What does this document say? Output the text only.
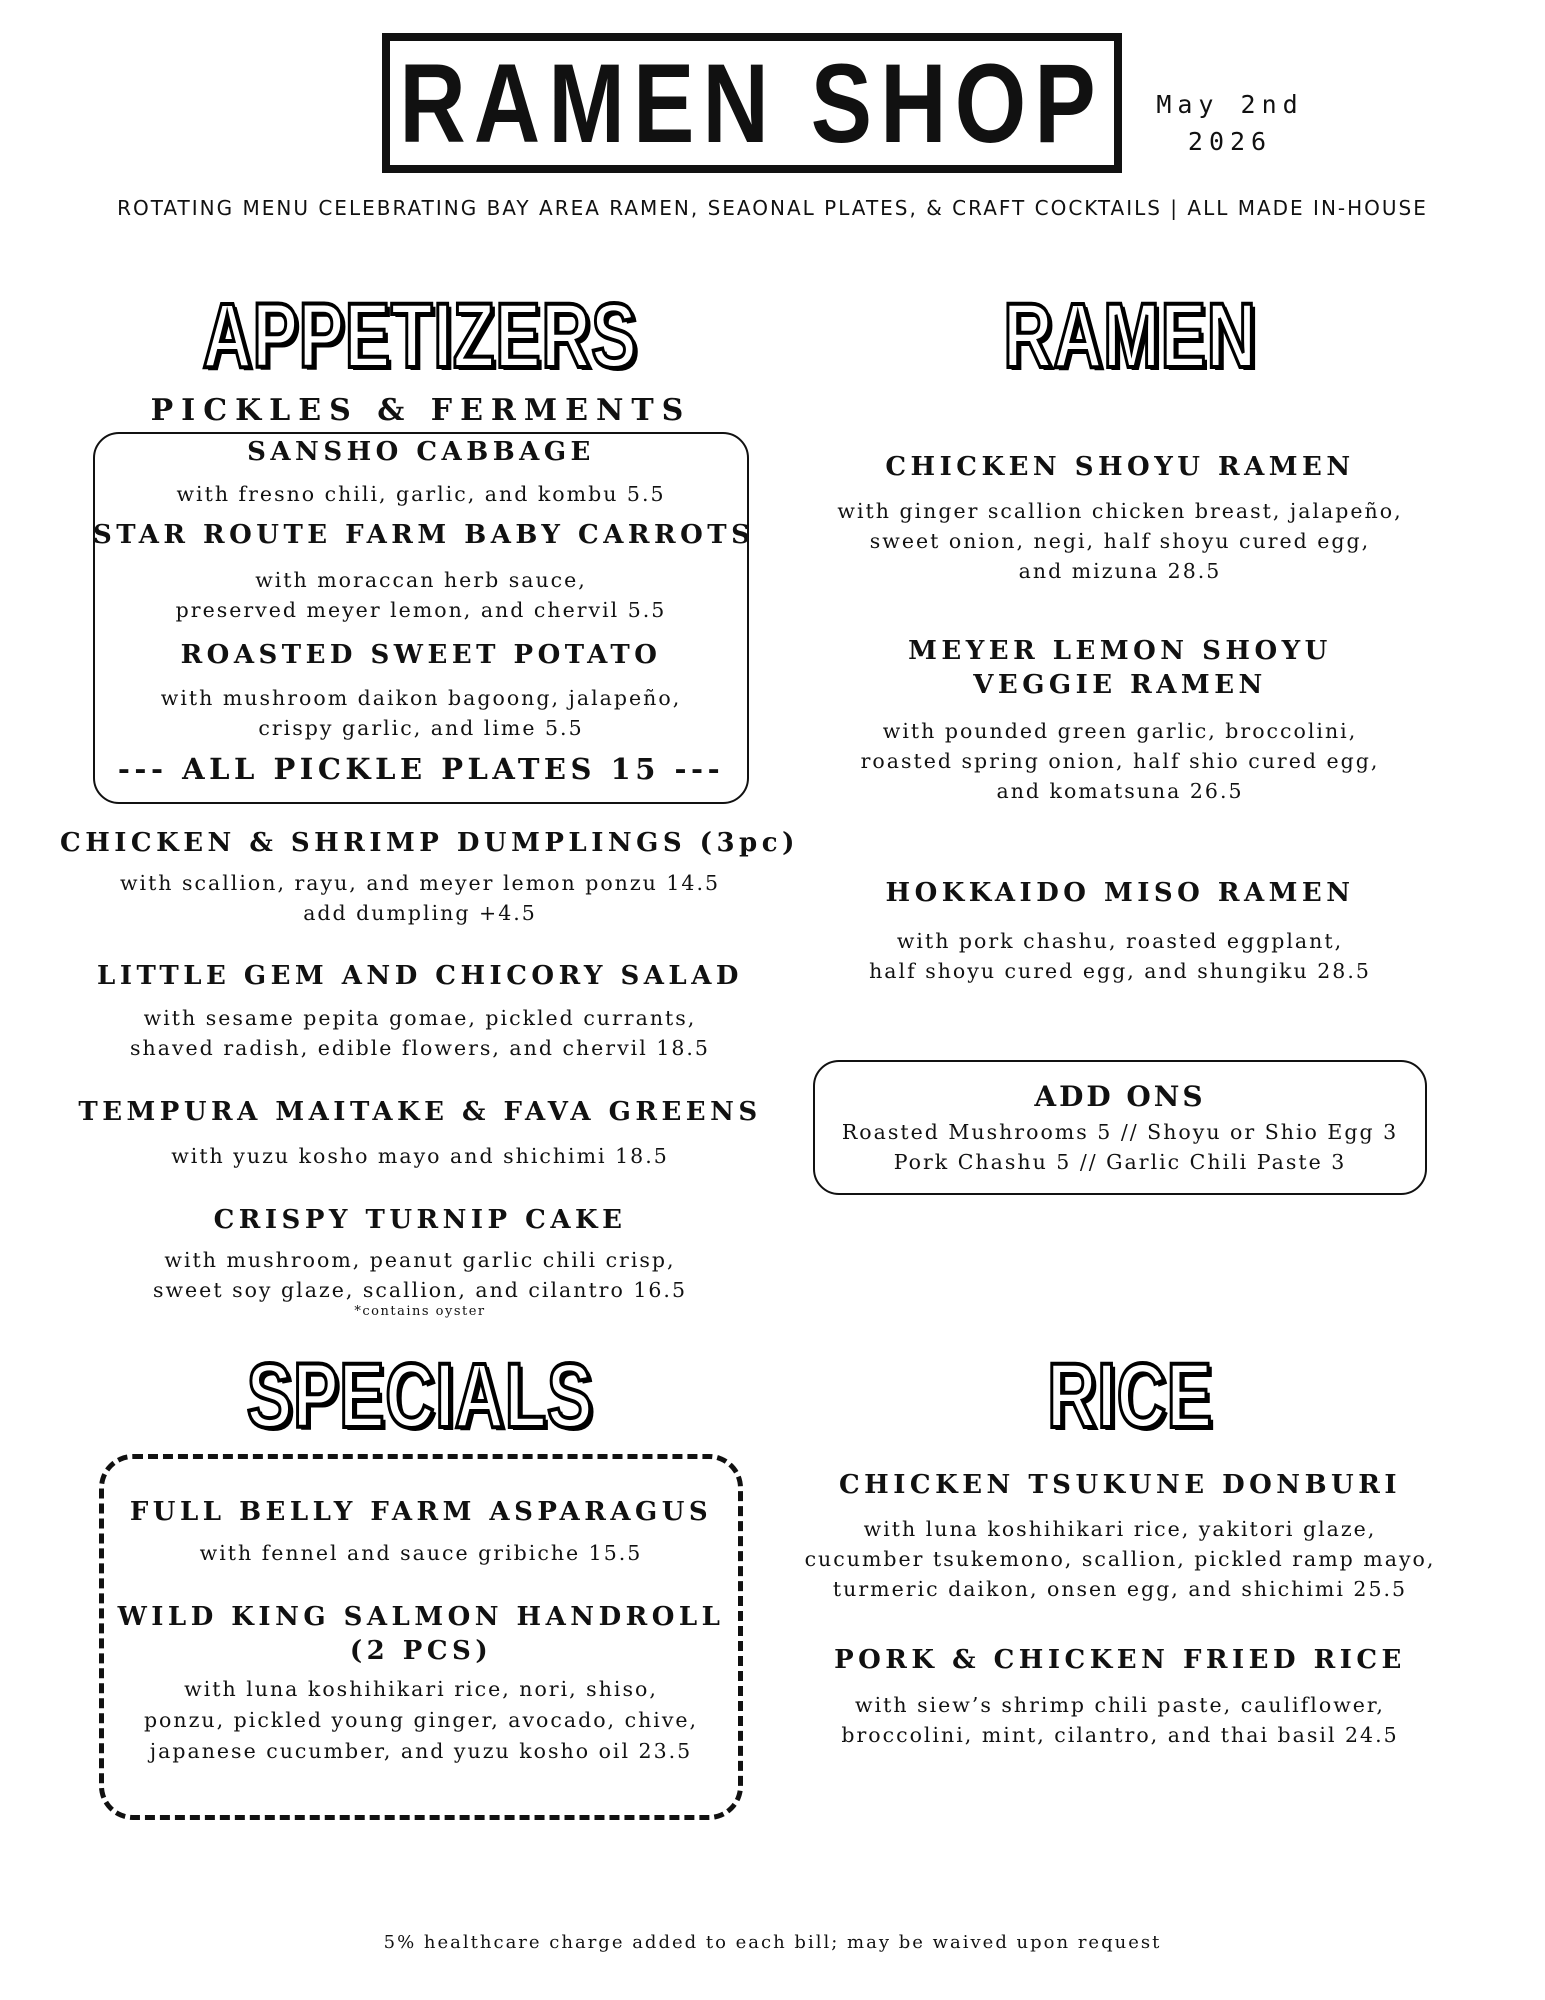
RAMEN SHOP May 2nd
2026
ROTATING MENU CELEBRATING BAY AREA RAMEN, SEAONAL PLATES, & CRAFT COCKTAILS | ALL MADE IN-HOUSE
APPETIZERS
PICKLES & FERMENTS
SANSHO CABBAGE
with fresno chili, garlic, and kombu 5.5
STAR ROUTE FARM BABY CARROTS
with moraccan herb sauce,
preserved meyer lemon, and chervil 5.5
ROASTED SWEET POTATO
with mushroom daikon bagoong, jalapeño,
crispy garlic, and lime 5.5
--- ALL PICKLE PLATES 15 ---
CHICKEN & SHRIMP DUMPLINGS (3pc)
with scallion, rayu, and meyer lemon ponzu 14.5
add dumpling +4.5
LITTLE GEM AND CHICORY SALAD
with sesame pepita gomae, pickled currants,
shaved radish, edible flowers, and chervil 18.5
TEMPURA MAITAKE & FAVA GREENS
with yuzu kosho mayo and shichimi 18.5
CRISPY TURNIP CAKE
with mushroom, peanut garlic chili crisp,
sweet soy glaze, scallion, and cilantro 16.5
*contains oyster
SPECIALS
FULL BELLY FARM ASPARAGUS
with fennel and sauce gribiche 15.5
WILD KING SALMON HANDROLL
(2 PCS)
with luna koshihikari rice, nori, shiso,
ponzu, pickled young ginger, avocado, chive,
japanese cucumber, and yuzu kosho oil 23.5
RAMEN
CHICKEN SHOYU RAMEN
with ginger scallion chicken breast, jalapeño,
sweet onion, negi, half shoyu cured egg,
and mizuna 28.5
MEYER LEMON SHOYU
VEGGIE RAMEN
with pounded green garlic, broccolini,
roasted spring onion, half shio cured egg,
and komatsuna 26.5
HOKKAIDO MISO RAMEN
with pork chashu, roasted eggplant,
half shoyu cured egg, and shungiku 28.5
ADD ONS
Roasted Mushrooms 5 // Shoyu or Shio Egg 3
Pork Chashu 5 // Garlic Chili Paste 3
RICE
CHICKEN TSUKUNE DONBURI
with luna koshihikari rice, yakitori glaze,
cucumber tsukemono, scallion, pickled ramp mayo,
turmeric daikon, onsen egg, and shichimi 25.5
PORK & CHICKEN FRIED RICE
with siew’s shrimp chili paste, cauliflower,
broccolini, mint, cilantro, and thai basil 24.5
5% healthcare charge added to each bill; may be waived upon request
